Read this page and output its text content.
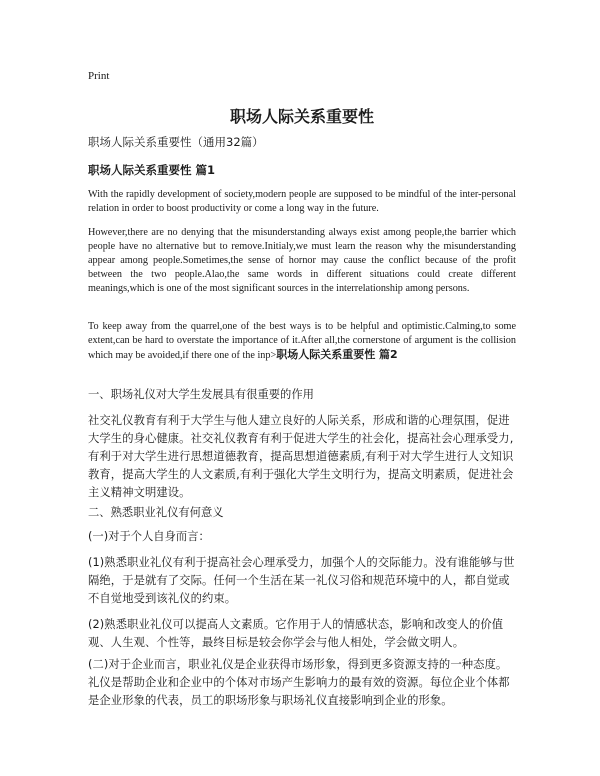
Print
职场人际关系重要性
职场人际关系重要性（通用32篇）
职场人际关系重要性 篇1
With the rapidly development of society,modern people are supposed to be mindful of the inter-personal relation in order to boost productivity or come a long way in the future.
However,there are no denying that the misunderstanding always exist among people,the barrier which people have no alternative but to remove.Initialy,we must learn the reason why the misunderstanding appear among people.Sometimes,the sense of hornor may cause the conflict because of the profit between the two people.Alao,the same words in different situations could create different meanings,which is one of the most significant sources in the interrelationship among persons.
To keep away from the quarrel,one of the best ways is to be helpful and optimistic.Calming,to some extent,can be hard to overstate the importance of it.After all,the cornerstone of argument is the collision which may be avoided,if there one of the inp>职场人际关系重要性 篇2
一、职场礼仪对大学生发展具有很重要的作用
社交礼仪教育有利于大学生与他人建立良好的人际关系，形成和谐的心理氛围，促进大学生的身心健康。社交礼仪教育有利于促进大学生的社会化，提高社会心理承受力,有利于对大学生进行思想道德教育，提高思想道德素质,有利于对大学生进行人文知识教育，提高大学生的人文素质,有利于强化大学生文明行为，提高文明素质，促进社会主义精神文明建设。
二、熟悉职业礼仪有何意义
(一)对于个人自身而言：
(1)熟悉职业礼仪有利于提高社会心理承受力，加强个人的交际能力。没有谁能够与世隔绝，于是就有了交际。任何一个生活在某一礼仪习俗和规范环境中的人，都自觉或不自觉地受到该礼仪的约束。
(2)熟悉职业礼仪可以提高人文素质。它作用于人的情感状态，影响和改变人的价值观、人生观、个性等，最终目标是较会你学会与他人相处，学会做文明人。
(二)对于企业而言，职业礼仪是企业获得市场形象，得到更多资源支持的一种态度。礼仪是帮助企业和企业中的个体对市场产生影响力的最有效的资源。每位企业个体都是企业形象的代表，员工的职场形象与职场礼仪直接影响到企业的形象。
